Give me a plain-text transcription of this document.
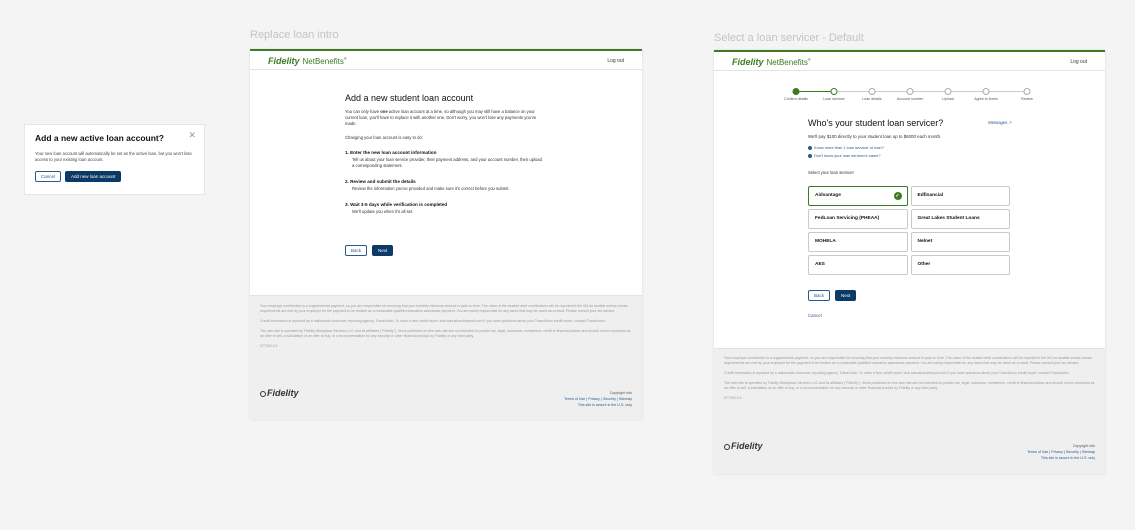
Replace loan intro	Select a loan servicer - Default
Add a new active loan account?	✕

Your new loan account will automatically be set as the active loan, but you won't lose access to your existing loan account.

Cancel	Add new loan account
Fidelity NetBenefits®	Log out
Add a new student loan account

You can only have one active loan account at a time, so although you may still have a balance on your current loan, you'll have to replace it with another one. Don't worry, you won't lose any payments you've made.

Changing your loan account is easy to do:

1. Enter the new loan account information
Tell us about your loan service provider, their payment address, and your account number, then upload a corresponding statement.
2. Review and submit the details
Review the information you've provided and make sure it's correct before you submit.
3. Wait 3-5 days while verification is completed
We'll update you when it's all set.
Back	Next

Your employer contribution is a supplemental payment, so you are responsible for ensuring that your monthly minimum amount is paid on time. The value of the student debt contributions will be reported in the W2 as taxable unless certain requirements are met by your employer for the payment to be treated as a nontaxable qualified education assistance payment. You are solely responsible for any taxes that may be owed as a result. Please consult your tax advisor.

Credit information is reported by a nationwide consumer reporting agency, TransUnion. To order a free credit report, visit annualcreditreport.com If you have questions about your TransUnion credit report, contact TransUnion.

The web site is operated by Fidelity Workplace Services LLC and its affiliates ("Fidelity"). Items published on this web site are not intended to provide tax, legal, insurance, investment, credit or financial advice and should not be construed as an offer to sell, a solicitation of an offer to buy, or a recommendation for any security or other financial product by Fidelity or any third party.

977392.2.0

Fidelity	Copyright info
Terms of Use | Privacy | Security | Sitemap
This site is secure in the U.S. only
Fidelity NetBenefits®	Log out
Confirm details	Loan servicer	Loan details	Account number	Upload	Agree to terms	Review
Who's your student loan servicer?	Messages ↗
We'll pay $100 directly to your student loan up to $6000 each month.
Know more than 1 loan servicer or loan?
Don't know your loan servicer's name?
Select your loan servicer
Aidvantage	✓	Edfinancial
FedLoan Servicing (PHEAA)	Great Lakes Student Loans
MOHELA	Nelnet
AES	Other
Back	Next
Cancel

Your employer contribution is a supplemental payment, so you are responsible for ensuring that your monthly minimum amount is paid on time. The value of the student debt contributions will be reported in the W2 as taxable unless certain requirements are met by your employer for the payment to be treated as a nontaxable qualified education assistance payment. You are solely responsible for any taxes that may be owed as a result. Please consult your tax advisor.

Credit information is reported by a nationwide consumer reporting agency, TransUnion. To order a free credit report, visit annualcreditreport.com If you have questions about your TransUnion credit report, contact TransUnion.

The web site is operated by Fidelity Workplace Services LLC and its affiliates ("Fidelity"). Items published on this web site are not intended to provide tax, legal, insurance, investment, credit or financial advice and should not be construed as an offer to sell, a solicitation of an offer to buy, or a recommendation for any security or other financial product by Fidelity or any third party.

977392.2.0

Fidelity	Copyright info
Terms of Use | Privacy | Security | Sitemap
This site is secure in the U.S. only
